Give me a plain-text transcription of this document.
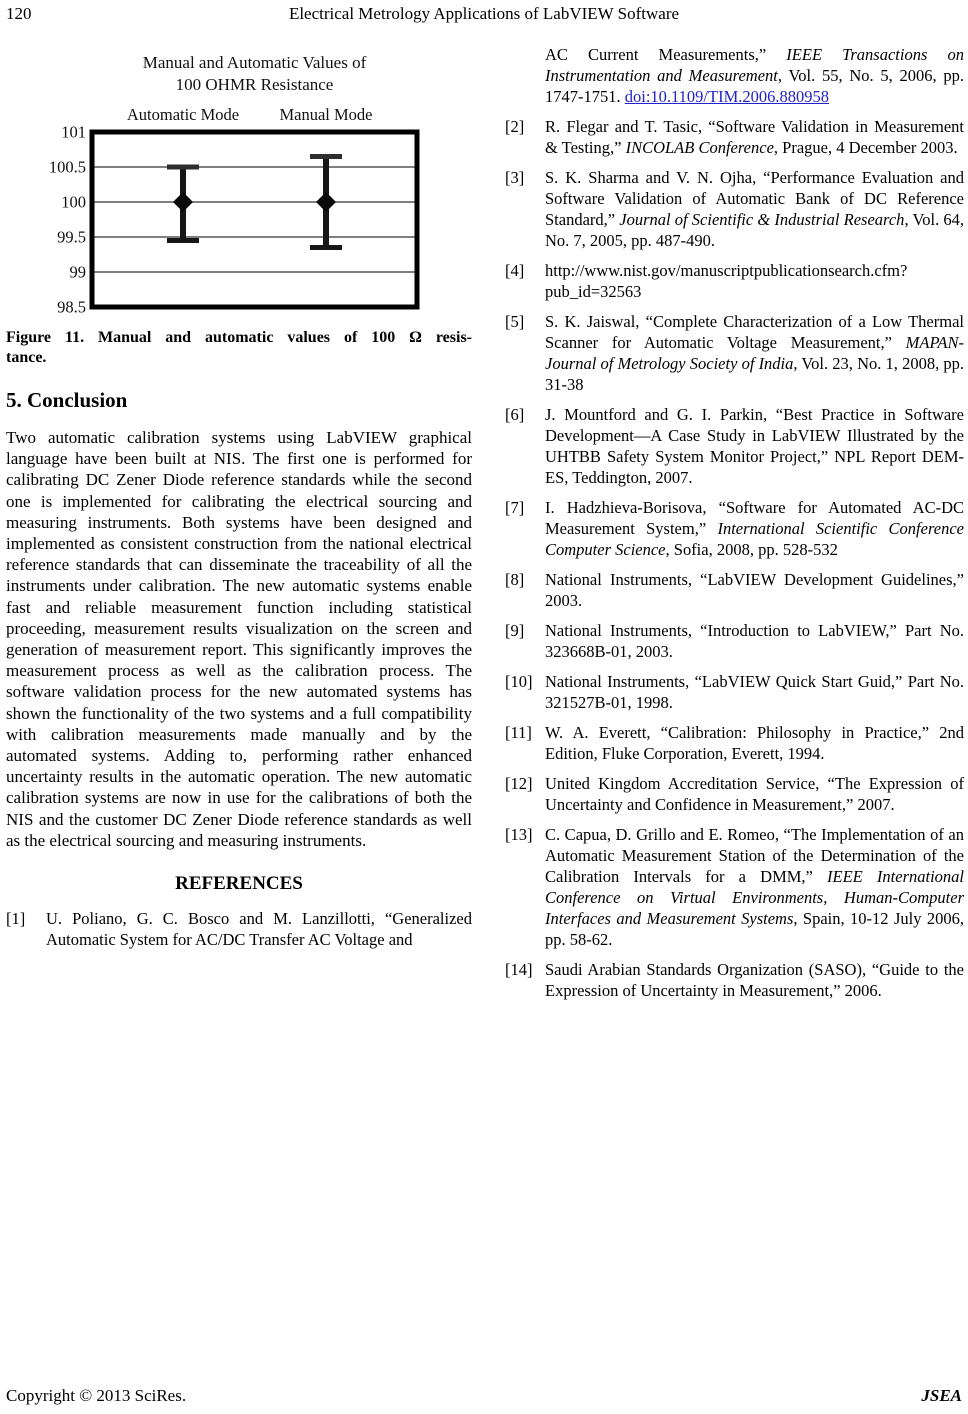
120	Electrical Metrology Applications of LabVIEW Software
Manual and Automatic Values of
100 OHMR Resistance
Automatic Mode Manual Mode
101
100.5
100
99.5
99
98.5
Figure 11. Manual and automatic values of 100 Ω resis-
tance.
5. Conclusion

Two automatic calibration systems using LabVIEW graphical language have been built at NIS. The first one is performed for calibrating DC Zener Diode reference standards while the second one is implemented for calibrating the electrical sourcing and measuring instruments. Both systems have been designed and implemented as consistent construction from the national electrical reference standards that can disseminate the traceability of all the instruments under calibration. The new automatic systems enable fast and reliable measurement function including statistical proceeding, measurement results visualization on the screen and generation of measurement report. This significantly improves the measurement process as well as the calibration process. The software validation process for the new automated systems has shown the functionality of the two systems and a full compatibility with calibration measurements made manually and by the automated systems. Adding to, performing rather enhanced uncertainty results in the automatic operation. The new automatic calibration systems are now in use for the calibrations of both the NIS and the customer DC Zener Diode reference standards as well as the electrical sourcing and measuring instruments.

REFERENCES
[1]	U. Poliano, G. C. Bosco and M. Lanzillotti, “Generalized Automatic System for AC/DC Transfer AC Voltage and
AC Current Measurements,” IEEE Transactions on Instrumentation and Measurement, Vol. 55, No. 5, 2006, pp. 1747-1751. doi:10.1109/TIM.2006.880958
[2]	R. Flegar and T. Tasic, “Software Validation in Measurement & Testing,” INCOLAB Conference, Prague, 4 December 2003.
[3]	S. K. Sharma and V. N. Ojha, “Performance Evaluation and Software Validation of Automatic Bank of DC Reference Standard,” Journal of Scientific & Industrial Research, Vol. 64, No. 7, 2005, pp. 487-490.
[4]	http://www.nist.gov/manuscriptpublicationsearch.cfm?pub_id=32563
[5]	S. K. Jaiswal, “Complete Characterization of a Low Thermal Scanner for Automatic Voltage Measurement,” MAPAN-Journal of Metrology Society of India, Vol. 23, No. 1, 2008, pp. 31-38
[6]	J. Mountford and G. I. Parkin, “Best Practice in Software Development—A Case Study in LabVIEW Illustrated by the UHTBB Safety System Monitor Project,” NPL Report DEM-ES, Teddington, 2007.
[7]	I. Hadzhieva-Borisova, “Software for Automated AC-DC Measurement System,” International Scientific Conference Computer Science, Sofia, 2008, pp. 528-532
[8]	National Instruments, “LabVIEW Development Guidelines,” 2003.
[9]	National Instruments, “Introduction to LabVIEW,” Part No. 323668B-01, 2003.
[10] National Instruments, “LabVIEW Quick Start Guid,” Part No. 321527B-01, 1998.
[11] W. A. Everett, “Calibration: Philosophy in Practice,” 2nd Edition, Fluke Corporation, Everett, 1994.
[12] United Kingdom Accreditation Service, “The Expression of Uncertainty and Confidence in Measurement,” 2007.
[13] C. Capua, D. Grillo and E. Romeo, “The Implementation of an Automatic Measurement Station of the Determination of the Calibration Intervals for a DMM,” IEEE International Conference on Virtual Environments, Human-Computer Interfaces and Measurement Systems, Spain, 10-12 July 2006, pp. 58-62.
[14] Saudi Arabian Standards Organization (SASO), “Guide to the Expression of Uncertainty in Measurement,” 2006.
Copyright © 2013 SciRes.	JSEA
